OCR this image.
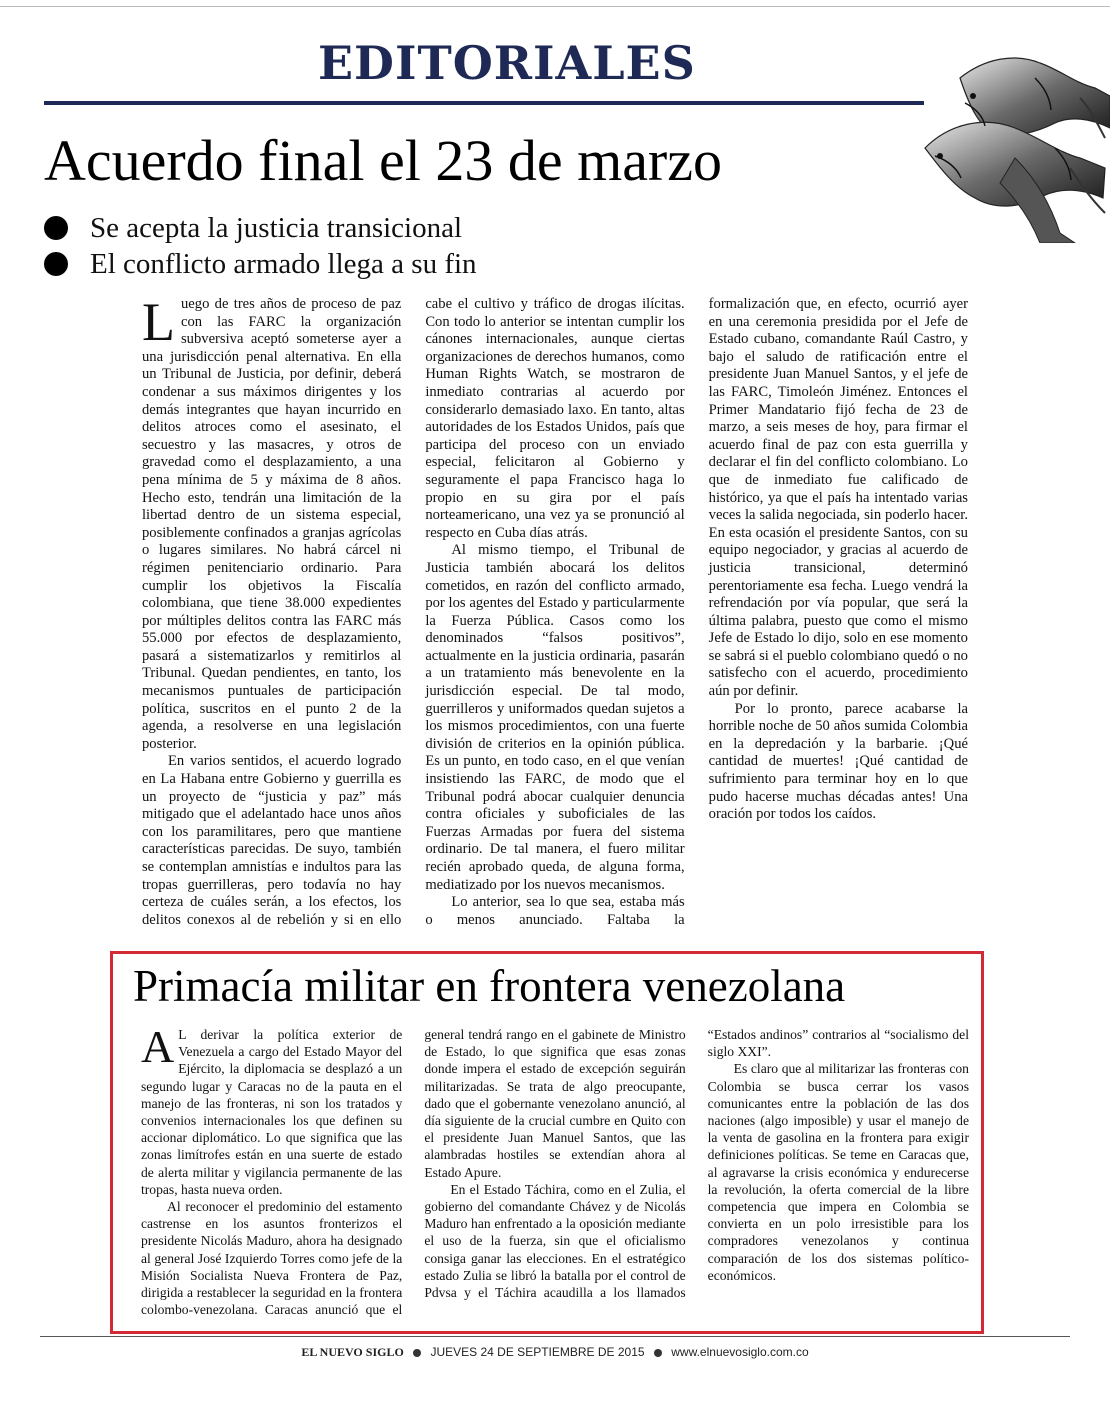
EDITORIALES
Acuerdo final el 23 de marzo
Se acepta la justicia transicional
El conflicto armado llega a su fin

Luego de tres años de proceso de paz con las FARC la organización subversiva aceptó someterse ayer a una jurisdicción penal alternativa. En ella un Tribunal de Justicia, por definir, deberá condenar a sus máximos dirigentes y los demás integrantes que hayan incurrido en delitos atroces como el asesinato, el secuestro y las masacres, y otros de gravedad como el desplazamiento, a una pena mínima de 5 y máxima de 8 años. Hecho esto, tendrán una limitación de la libertad dentro de un sistema especial, posiblemente confinados a granjas agrícolas o lugares similares. No habrá cárcel ni régimen penitenciario ordinario. Para cumplir los objetivos la Fiscalía colombiana, que tiene 38.000 expedientes por múltiples delitos contra las FARC más 55.000 por efectos de desplazamiento, pasará a sistematizarlos y remitirlos al Tribunal. Quedan pendientes, en tanto, los mecanismos puntuales de participación política, suscritos en el punto 2 de la agenda, a resolverse en una legislación posterior.

En varios sentidos, el acuerdo logrado en La Habana entre Gobierno y guerrilla es un proyecto de “justicia y paz” más mitigado que el adelantado hace unos años con los paramilitares, pero que mantiene características parecidas. De suyo, también se contemplan amnistías e indultos para las tropas guerrilleras, pero todavía no hay certeza de cuáles serán, a los efectos, los delitos conexos al de rebelión y si en ello cabe el cultivo y tráfico de drogas ilícitas. Con todo lo anterior se intentan cumplir los cánones internacionales, aunque ciertas organizaciones de derechos humanos, como Human Rights Watch, se mostraron de inmediato contrarias al acuerdo por considerarlo demasiado laxo. En tanto, altas autoridades de los Estados Unidos, país que participa del proceso con un enviado especial, felicitaron al Gobierno y seguramente el papa Francisco haga lo propio en su gira por el país norteamericano, una vez ya se pronunció al respecto en Cuba días atrás.

Al mismo tiempo, el Tribunal de Justicia también abocará los delitos cometidos, en razón del conflicto armado, por los agentes del Estado y particularmente la Fuerza Pública. Casos como los denominados “falsos positivos”, actualmente en la justicia ordinaria, pasarán a un tratamiento más benevolente en la jurisdicción especial. De tal modo, guerrilleros y uniformados quedan sujetos a los mismos procedimientos, con una fuerte división de criterios en la opinión pública. Es un punto, en todo caso, en el que venían insistiendo las FARC, de modo que el Tribunal podrá abocar cualquier denuncia contra oficiales y suboficiales de las Fuerzas Armadas por fuera del sistema ordinario. De tal manera, el fuero militar recién aprobado queda, de alguna forma, mediatizado por los nuevos mecanismos.

Lo anterior, sea lo que sea, estaba más o menos anunciado. Faltaba la formalización que, en efecto, ocurrió ayer en una ceremonia presidida por el Jefe de Estado cubano, comandante Raúl Castro, y bajo el saludo de ratificación entre el presidente Juan Manuel Santos, y el jefe de las FARC, Timoleón Jiménez. Entonces el Primer Mandatario fijó fecha de 23 de marzo, a seis meses de hoy, para firmar el acuerdo final de paz con esta guerrilla y declarar el fin del conflicto colombiano. Lo que de inmediato fue calificado de histórico, ya que el país ha intentado varias veces la salida negociada, sin poderlo hacer. En esta ocasión el presidente Santos, con su equipo negociador, y gracias al acuerdo de justicia transicional, determinó perentoriamente esa fecha. Luego vendrá la refrendación por vía popular, que será la última palabra, puesto que como el mismo Jefe de Estado lo dijo, solo en ese momento se sabrá si el pueblo colombiano quedó o no satisfecho con el acuerdo, procedimiento aún por definir.

Por lo pronto, parece acabarse la horrible noche de 50 años sumida Colombia en la depredación y la barbarie. ¡Qué cantidad de muertes! ¡Qué cantidad de sufrimiento para terminar hoy en lo que pudo hacerse muchas décadas antes! Una oración por todos los caídos.

Primacía militar en frontera venezolana

A L derivar la política exterior de Venezuela a cargo del Estado Mayor del Ejército, la diplomacia se desplazó a un segundo lugar y Caracas no de la pauta en el manejo de las fronteras, ni son los tratados y convenios internacionales los que definen su accionar diplomático. Lo que significa que las zonas limítrofes están en una suerte de estado de alerta militar y vigilancia permanente de las tropas, hasta nueva orden.

Al reconocer el predominio del estamento castrense en los asuntos fronterizos el presidente Nicolás Maduro, ahora ha designado al general José Izquierdo Torres como jefe de la Misión Socialista Nueva Frontera de Paz, dirigida a restablecer la seguridad en la frontera colombo-venezolana. Caracas anunció que el general tendrá rango en el gabinete de Ministro de Estado, lo que significa que esas zonas donde impera el estado de excepción seguirán militarizadas. Se trata de algo preocupante, dado que el gobernante venezolano anunció, al día siguiente de la crucial cumbre en Quito con el presidente Juan Manuel Santos, que las alambradas hostiles se extendían ahora al Estado Apure.

En el Estado Táchira, como en el Zulia, el gobierno del comandante Chávez y de Nicolás Maduro han enfrentado a la oposición mediante el uso de la fuerza, sin que el oficialismo consiga ganar las elecciones. En el estratégico estado Zulia se libró la batalla por el control de Pdvsa y el Táchira acaudilla a los llamados “Estados andinos” contrarios al “socialismo del siglo XXI”.

Es claro que al militarizar las fronteras con Colombia se busca cerrar los vasos comunicantes entre la población de las dos naciones (algo imposible) y usar el manejo de la venta de gasolina en la frontera para exigir definiciones políticas. Se teme en Caracas que, al agravarse la crisis económica y endurecerse la revolución, la oferta comercial de la libre competencia que impera en Colombia se convierta en un polo irresistible para los compradores venezolanos y continua comparación de los dos sistemas político-económicos.

EL NUEVO SIGLO JUEVES 24 DE SEPTIEMBRE DE 2015 www.elnuevosiglo.com.co
